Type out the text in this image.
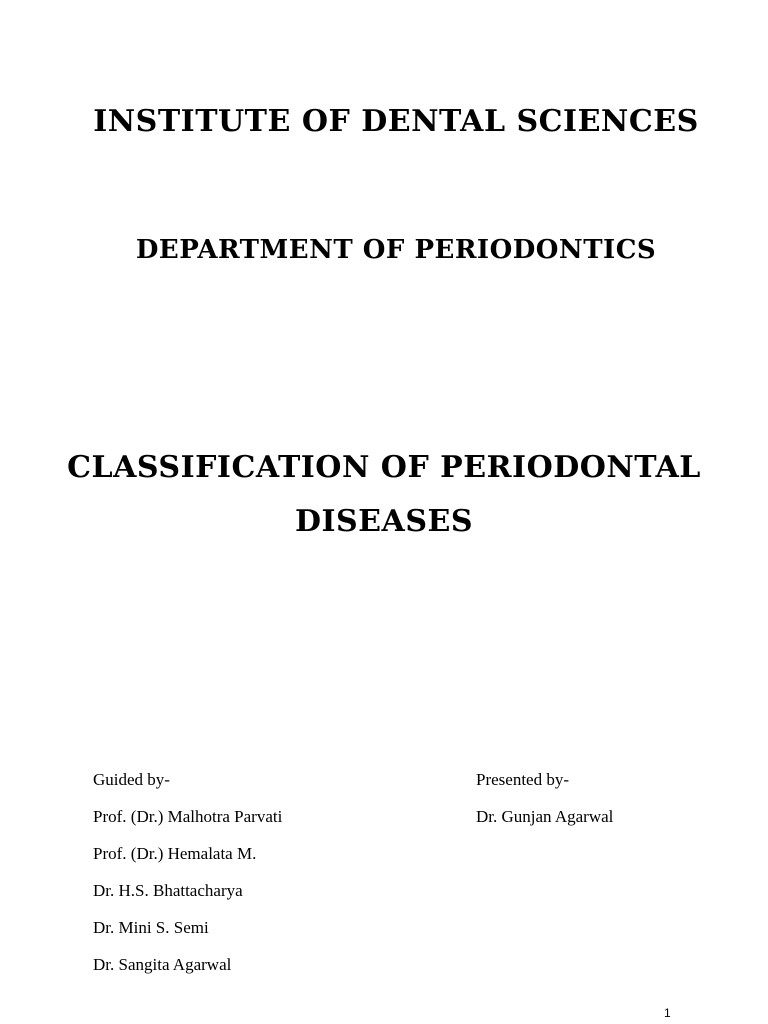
INSTITUTE OF DENTAL SCIENCES
DEPARTMENT OF PERIODONTICS
CLASSIFICATION OF PERIODONTAL
DISEASES
Guided by-
Prof. (Dr.) Malhotra Parvati
Prof. (Dr.) Hemalata M.
Dr. H.S. Bhattacharya
Dr. Mini S. Semi
Dr. Sangita Agarwal
Presented by-
Dr. Gunjan Agarwal
1
